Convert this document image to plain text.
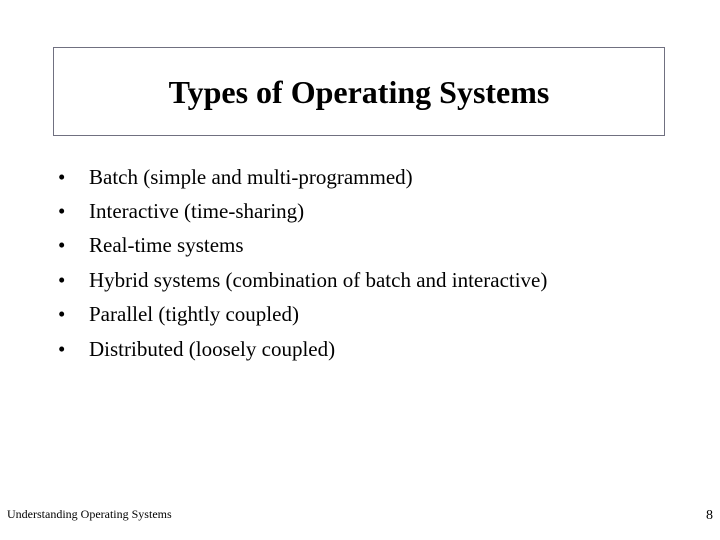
Types of Operating Systems
•	Batch (simple and multi-programmed)
•	Interactive (time-sharing)
•	Real-time systems
•	Hybrid systems (combination of batch and interactive)
•	Parallel (tightly coupled)
•	Distributed (loosely coupled)
Understanding Operating Systems	8
